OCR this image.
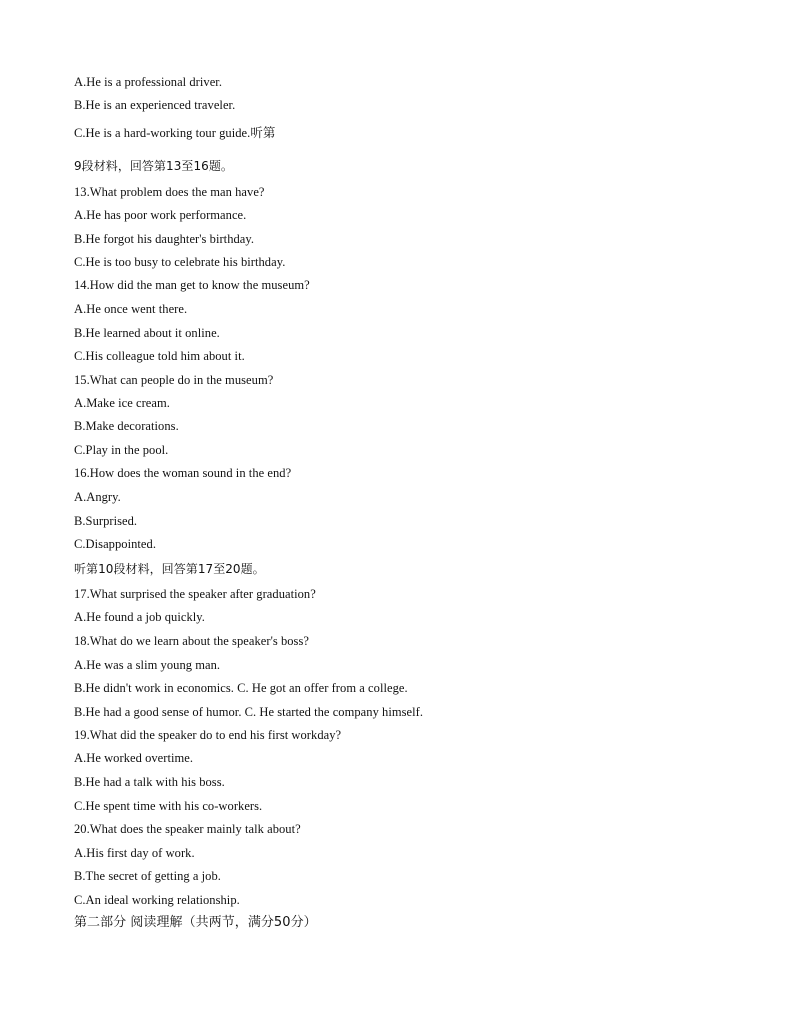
A.He is a professional driver.
B.He is an experienced traveler.
C.He is a hard-working tour guide.听第
9段材料，回答第13至16题。
13.What problem does the man have?
A.He has poor work performance.
B.He forgot his daughter's birthday.
C.He is too busy to celebrate his birthday.
14.How did the man get to know the museum?
A.He once went there.
B.He learned about it online.
C.His colleague told him about it.
15.What can people do in the museum?
A.Make ice cream.
B.Make decorations.
C.Play in the pool.
16.How does the woman sound in the end?
A.Angry.
B.Surprised.
C.Disappointed.
听第10段材料，回答第17至20题。
17.What surprised the speaker after graduation?
A.He found a job quickly.
18.What do we learn about the speaker's boss?
A.He was a slim young man.
B.He didn't work in economics. C. He got an offer from a college.
B.He had a good sense of humor. C. He started the company himself.
19.What did the speaker do to end his first workday?
A.He worked overtime.
B.He had a talk with his boss.
C.He spent time with his co-workers.
20.What does the speaker mainly talk about?
A.His first day of work.
B.The secret of getting a job.
C.An ideal working relationship.
第二部分 阅读理解（共两节，满分50分）
